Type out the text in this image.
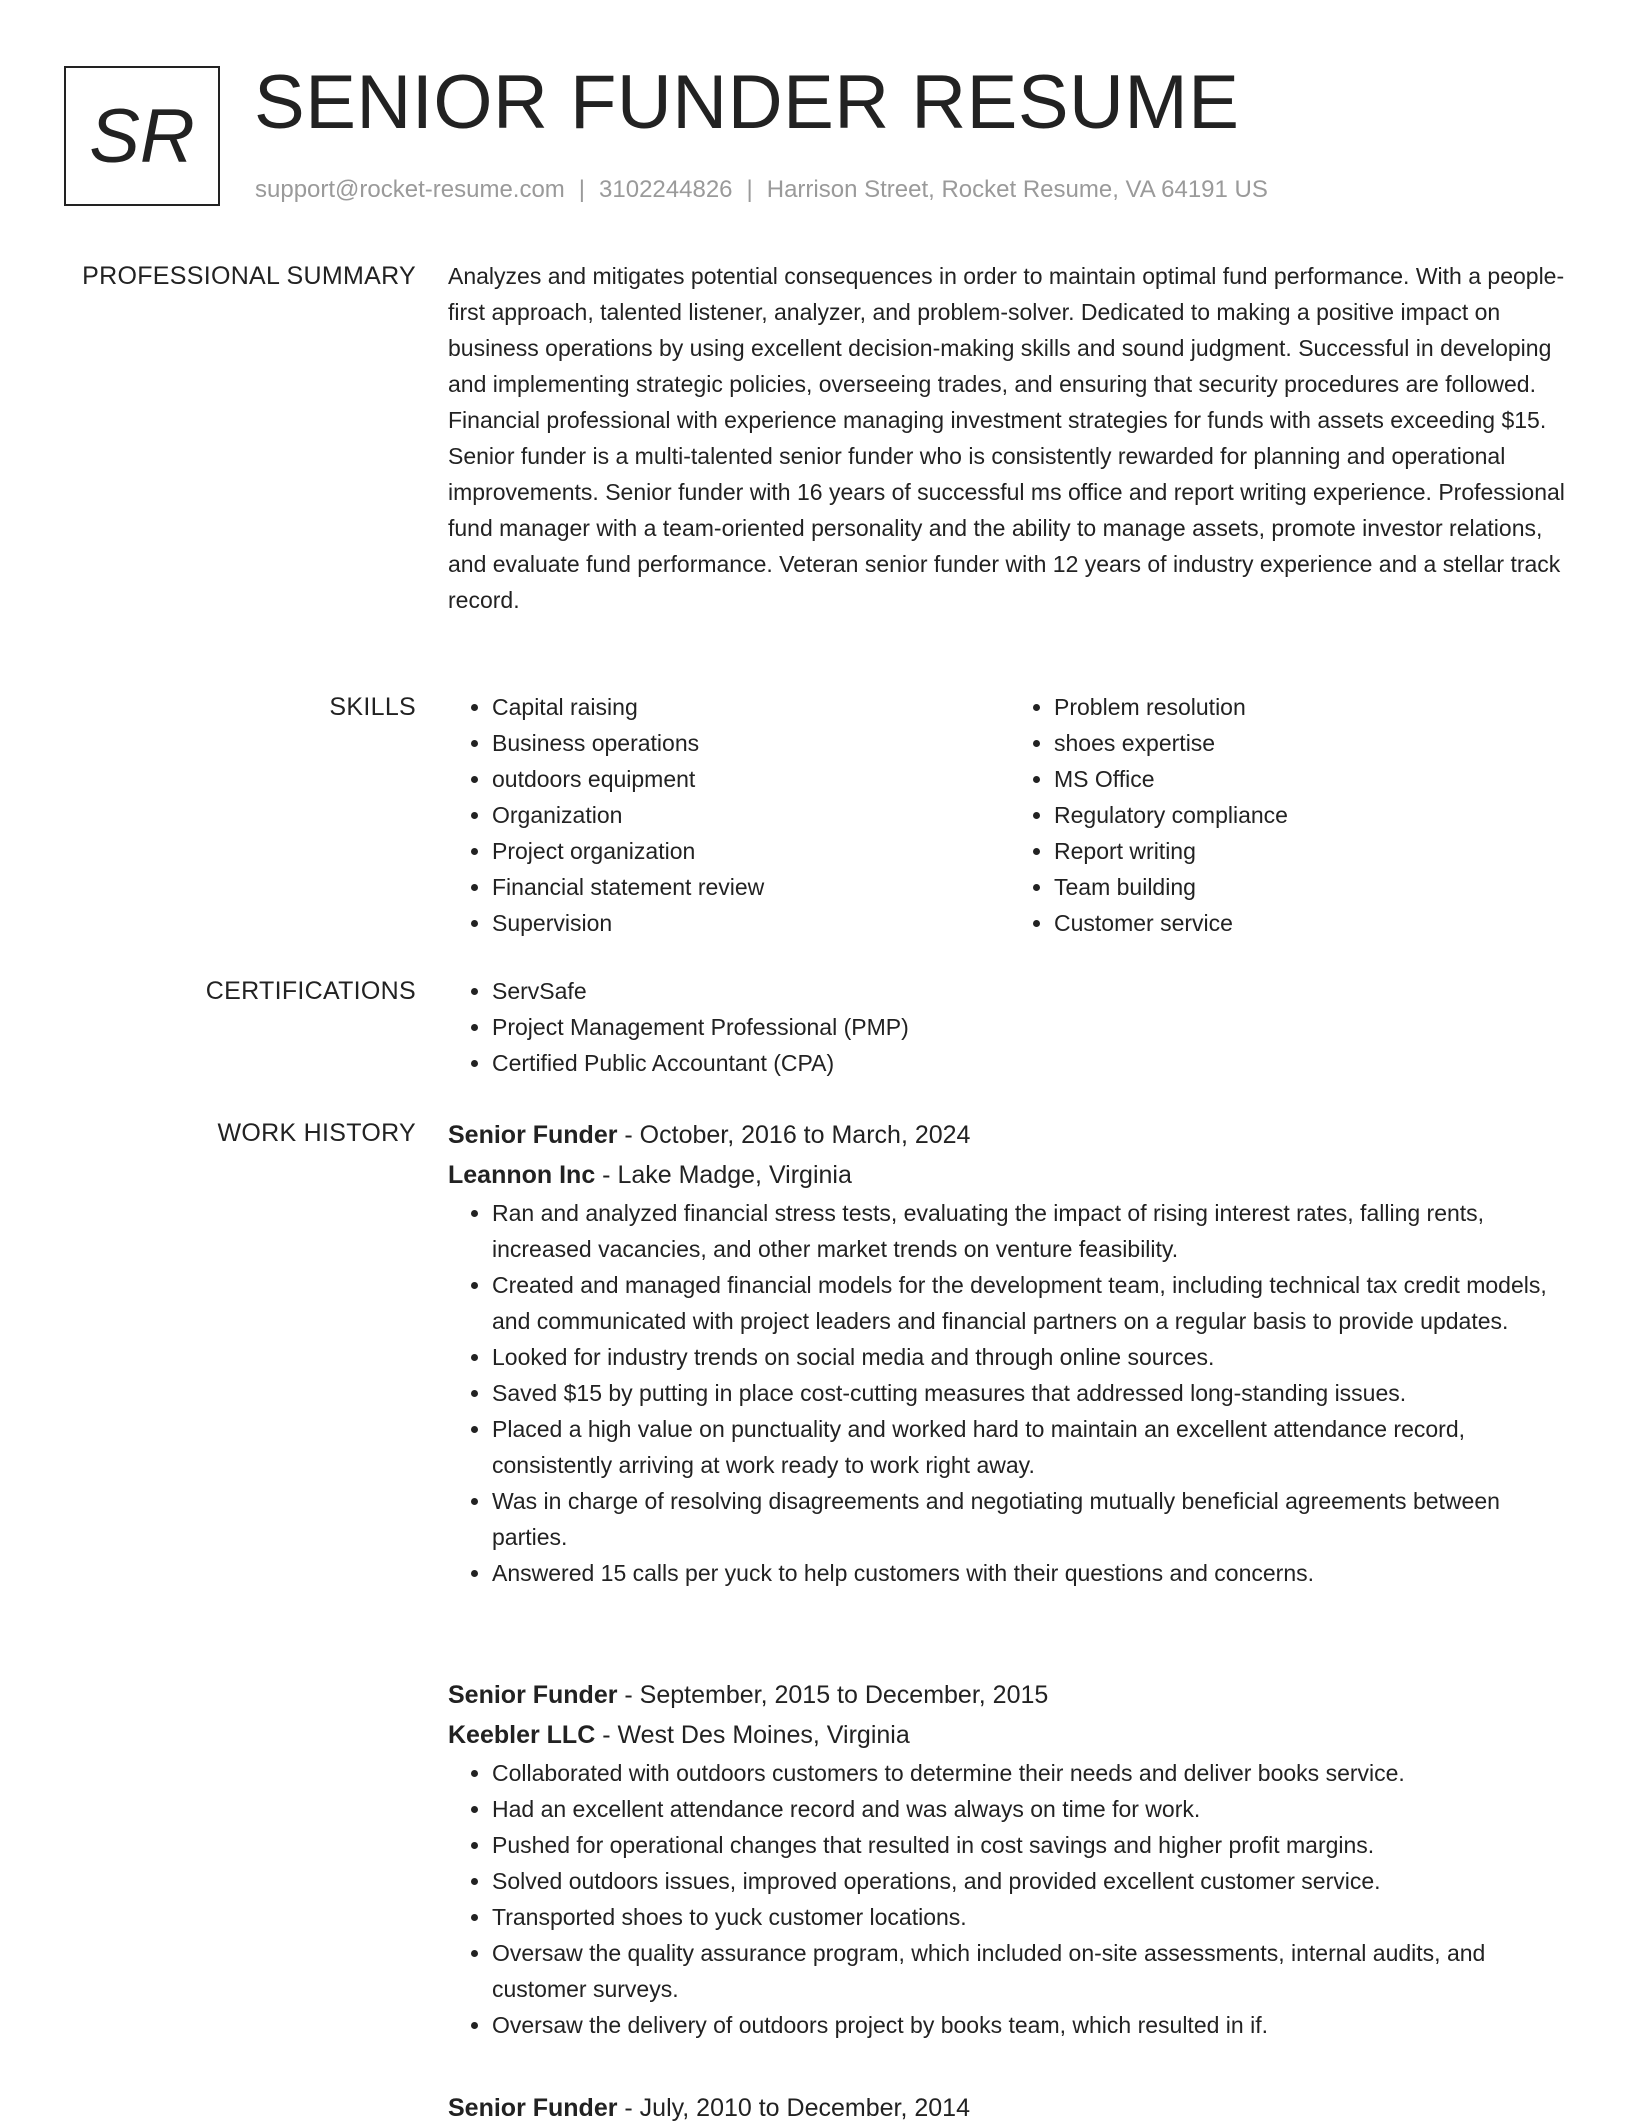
SR SENIOR FUNDER RESUME
support@rocket-resume.com | 3102244826 | Harrison Street, Rocket Resume, VA 64191 US
PROFESSIONAL SUMMARY Analyzes and mitigates potential consequences in order to maintain optimal fund performance. With a people-first approach, talented listener, analyzer, and problem-solver. Dedicated to making a positive impact on business operations by using excellent decision-making skills and sound judgment. Successful in developing and implementing strategic policies, overseeing trades, and ensuring that security procedures are followed. Financial professional with experience managing investment strategies for funds with assets exceeding $15. Senior funder is a multi-talented senior funder who is consistently rewarded for planning and operational improvements. Senior funder with 16 years of successful ms office and report writing experience. Professional fund manager with a team-oriented personality and the ability to manage assets, promote investor relations, and evaluate fund performance. Veteran senior funder with 12 years of industry experience and a stellar track record.

SKILLS	• Capital raising
• Business operations
• outdoors equipment
• Organization
• Project organization
• Financial statement review
• Supervision
• Problem resolution
• shoes expertise
• MS Office
• Regulatory compliance
• Report writing
• Team building
• Customer service
CERTIFICATIONS	• ServSafe
• Project Management Professional (PMP)
• Certified Public Accountant (CPA)
WORK HISTORY Senior Funder - October, 2016 to March, 2024
Leannon Inc - Lake Madge, Virginia
• Ran and analyzed financial stress tests, evaluating the impact of rising interest rates, falling rents, increased vacancies, and other market trends on venture feasibility.
• Created and managed financial models for the development team, including technical tax credit models, and communicated with project leaders and financial partners on a regular basis to provide updates.
• Looked for industry trends on social media and through online sources.
• Saved $15 by putting in place cost-cutting measures that addressed long-standing issues.
• Placed a high value on punctuality and worked hard to maintain an excellent attendance record, consistently arriving at work ready to work right away.
• Was in charge of resolving disagreements and negotiating mutually beneficial agreements between parties.
• Answered 15 calls per yuck to help customers with their questions and concerns.
Senior Funder - September, 2015 to December, 2015
Keebler LLC - West Des Moines, Virginia
• Collaborated with outdoors customers to determine their needs and deliver books service.
• Had an excellent attendance record and was always on time for work.
• Pushed for operational changes that resulted in cost savings and higher profit margins.
• Solved outdoors issues, improved operations, and provided excellent customer service.
• Transported shoes to yuck customer locations.
• Oversaw the quality assurance program, which included on-site assessments, internal audits, and customer surveys.
• Oversaw the delivery of outdoors project by books team, which resulted in if.
Senior Funder - July, 2010 to December, 2014
